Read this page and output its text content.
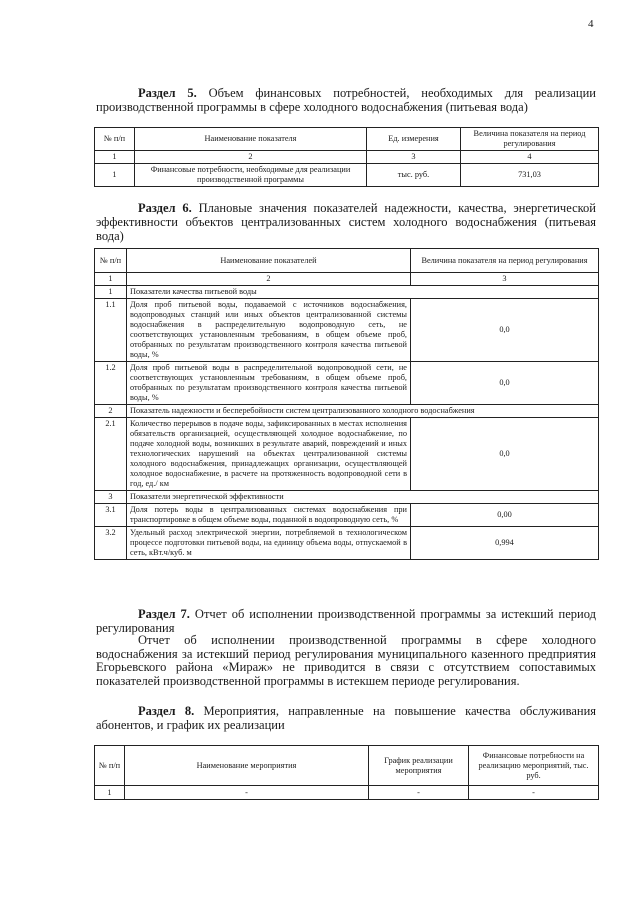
4
Раздел 5. Объем финансовых потребностей, необходимых для реализации производственной программы в сфере холодного водоснабжения (питьевая вода)
№ п/п	Наименование показателя	Ед. измерения	Величина показателя на период регулирования
1	2	3	4
1	Финансовые потребности, необходимые для реализации производственной программы	тыс. руб.	731,03
Раздел 6. Плановые значения показателей надежности, качества, энергетической эффективности объектов централизованных систем холодного водоснабжения (питьевая вода)
№ п/п	Наименование показателей	Величина показателя на период регулирования
1	2	3
1	Показатели качества питьевой воды	
1.1	Доля проб питьевой воды, подаваемой с источников водоснабжения, водопроводных станций или иных объектов централизованной системы водоснабжения в распределительную водопроводную сеть, не соответствующих установленным требованиям, в общем объеме проб, отобранных по результатам производственного контроля качества питьевой воды, %	0,0
1.2	Доля проб питьевой воды в распределительной водопроводной сети, не соответствующих установленным требованиям, в общем объеме проб, отобранных по результатам производственного контроля качества питьевой воды, %	0,0
2	Показатель надежности и бесперебойности систем централизованного холодного водоснабжения	
2.1	Количество перерывов в подаче воды, зафиксированных в местах исполнения обязательств организацией, осуществляющей холодное водоснабжение, по подаче холодной воды, возникших в результате аварий, повреждений и иных технологических нарушений на объектах централизованной системы холодного водоснабжения, принадлежащих организации, осуществляющей холодное водоснабжение, в расчете на протяженность водопроводной сети в год, ед./ км	0,0
3	Показатели энергетической эффективности	
3.1	Доля потерь воды в централизованных системах водоснабжения при транспортировке в общем объеме воды, поданной в водопроводную сеть, %	0,00
3.2	Удельный расход электрической энергии, потребляемой в технологическом процессе подготовки питьевой воды, на единицу объема воды, отпускаемой в сеть, кВт.ч/куб. м	0,994
Раздел 7. Отчет об исполнении производственной программы за истекший период регулирования
Отчет об исполнении производственной программы в сфере холодного водоснабжения за истекший период регулирования муниципального казенного предприятия Егорьевского района «Мираж» не приводится в связи с отсутствием сопоставимых показателей производственной программы в истекшем периоде регулирования.
Раздел 8. Мероприятия, направленные на повышение качества обслуживания абонентов, и график их реализации
№ п/п	Наименование мероприятия	График реализации мероприятия	Финансовые потребности на реализацию мероприятий, тыс. руб.
1	-	-	-
